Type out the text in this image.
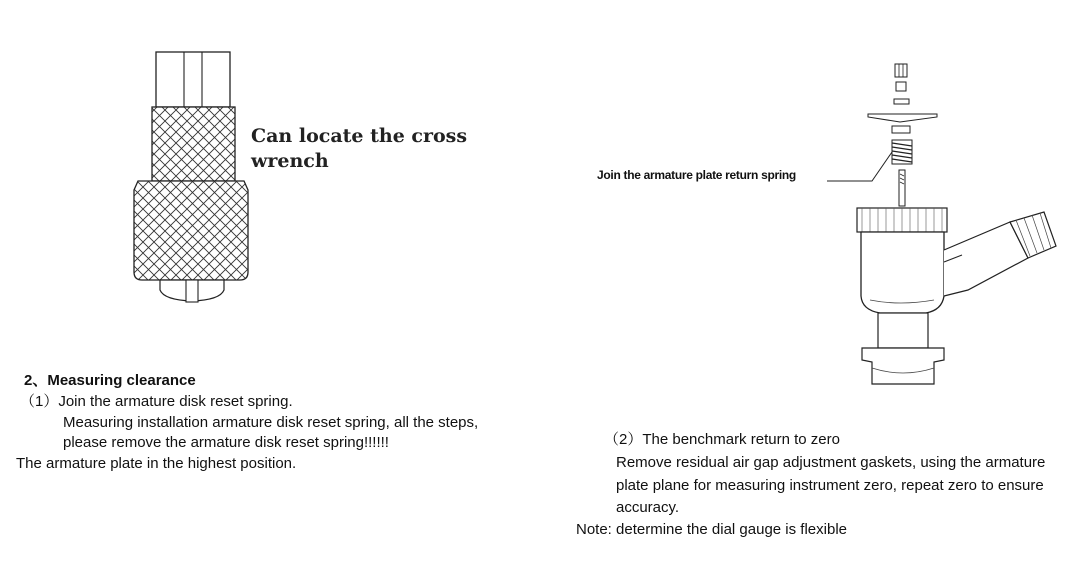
Can locate the cross
wrench
Join the armature plate return spring
2、Measuring clearance
（1）Join the armature disk reset spring.
Measuring installation armature disk reset spring, all the steps,
please remove the armature disk reset spring!!!!!!
The armature plate in the highest position.
（2）The benchmark return to zero
Remove residual air gap adjustment gaskets, using the armature
plate plane for measuring instrument zero, repeat zero to ensure
accuracy.
Note: determine the dial gauge is flexible
